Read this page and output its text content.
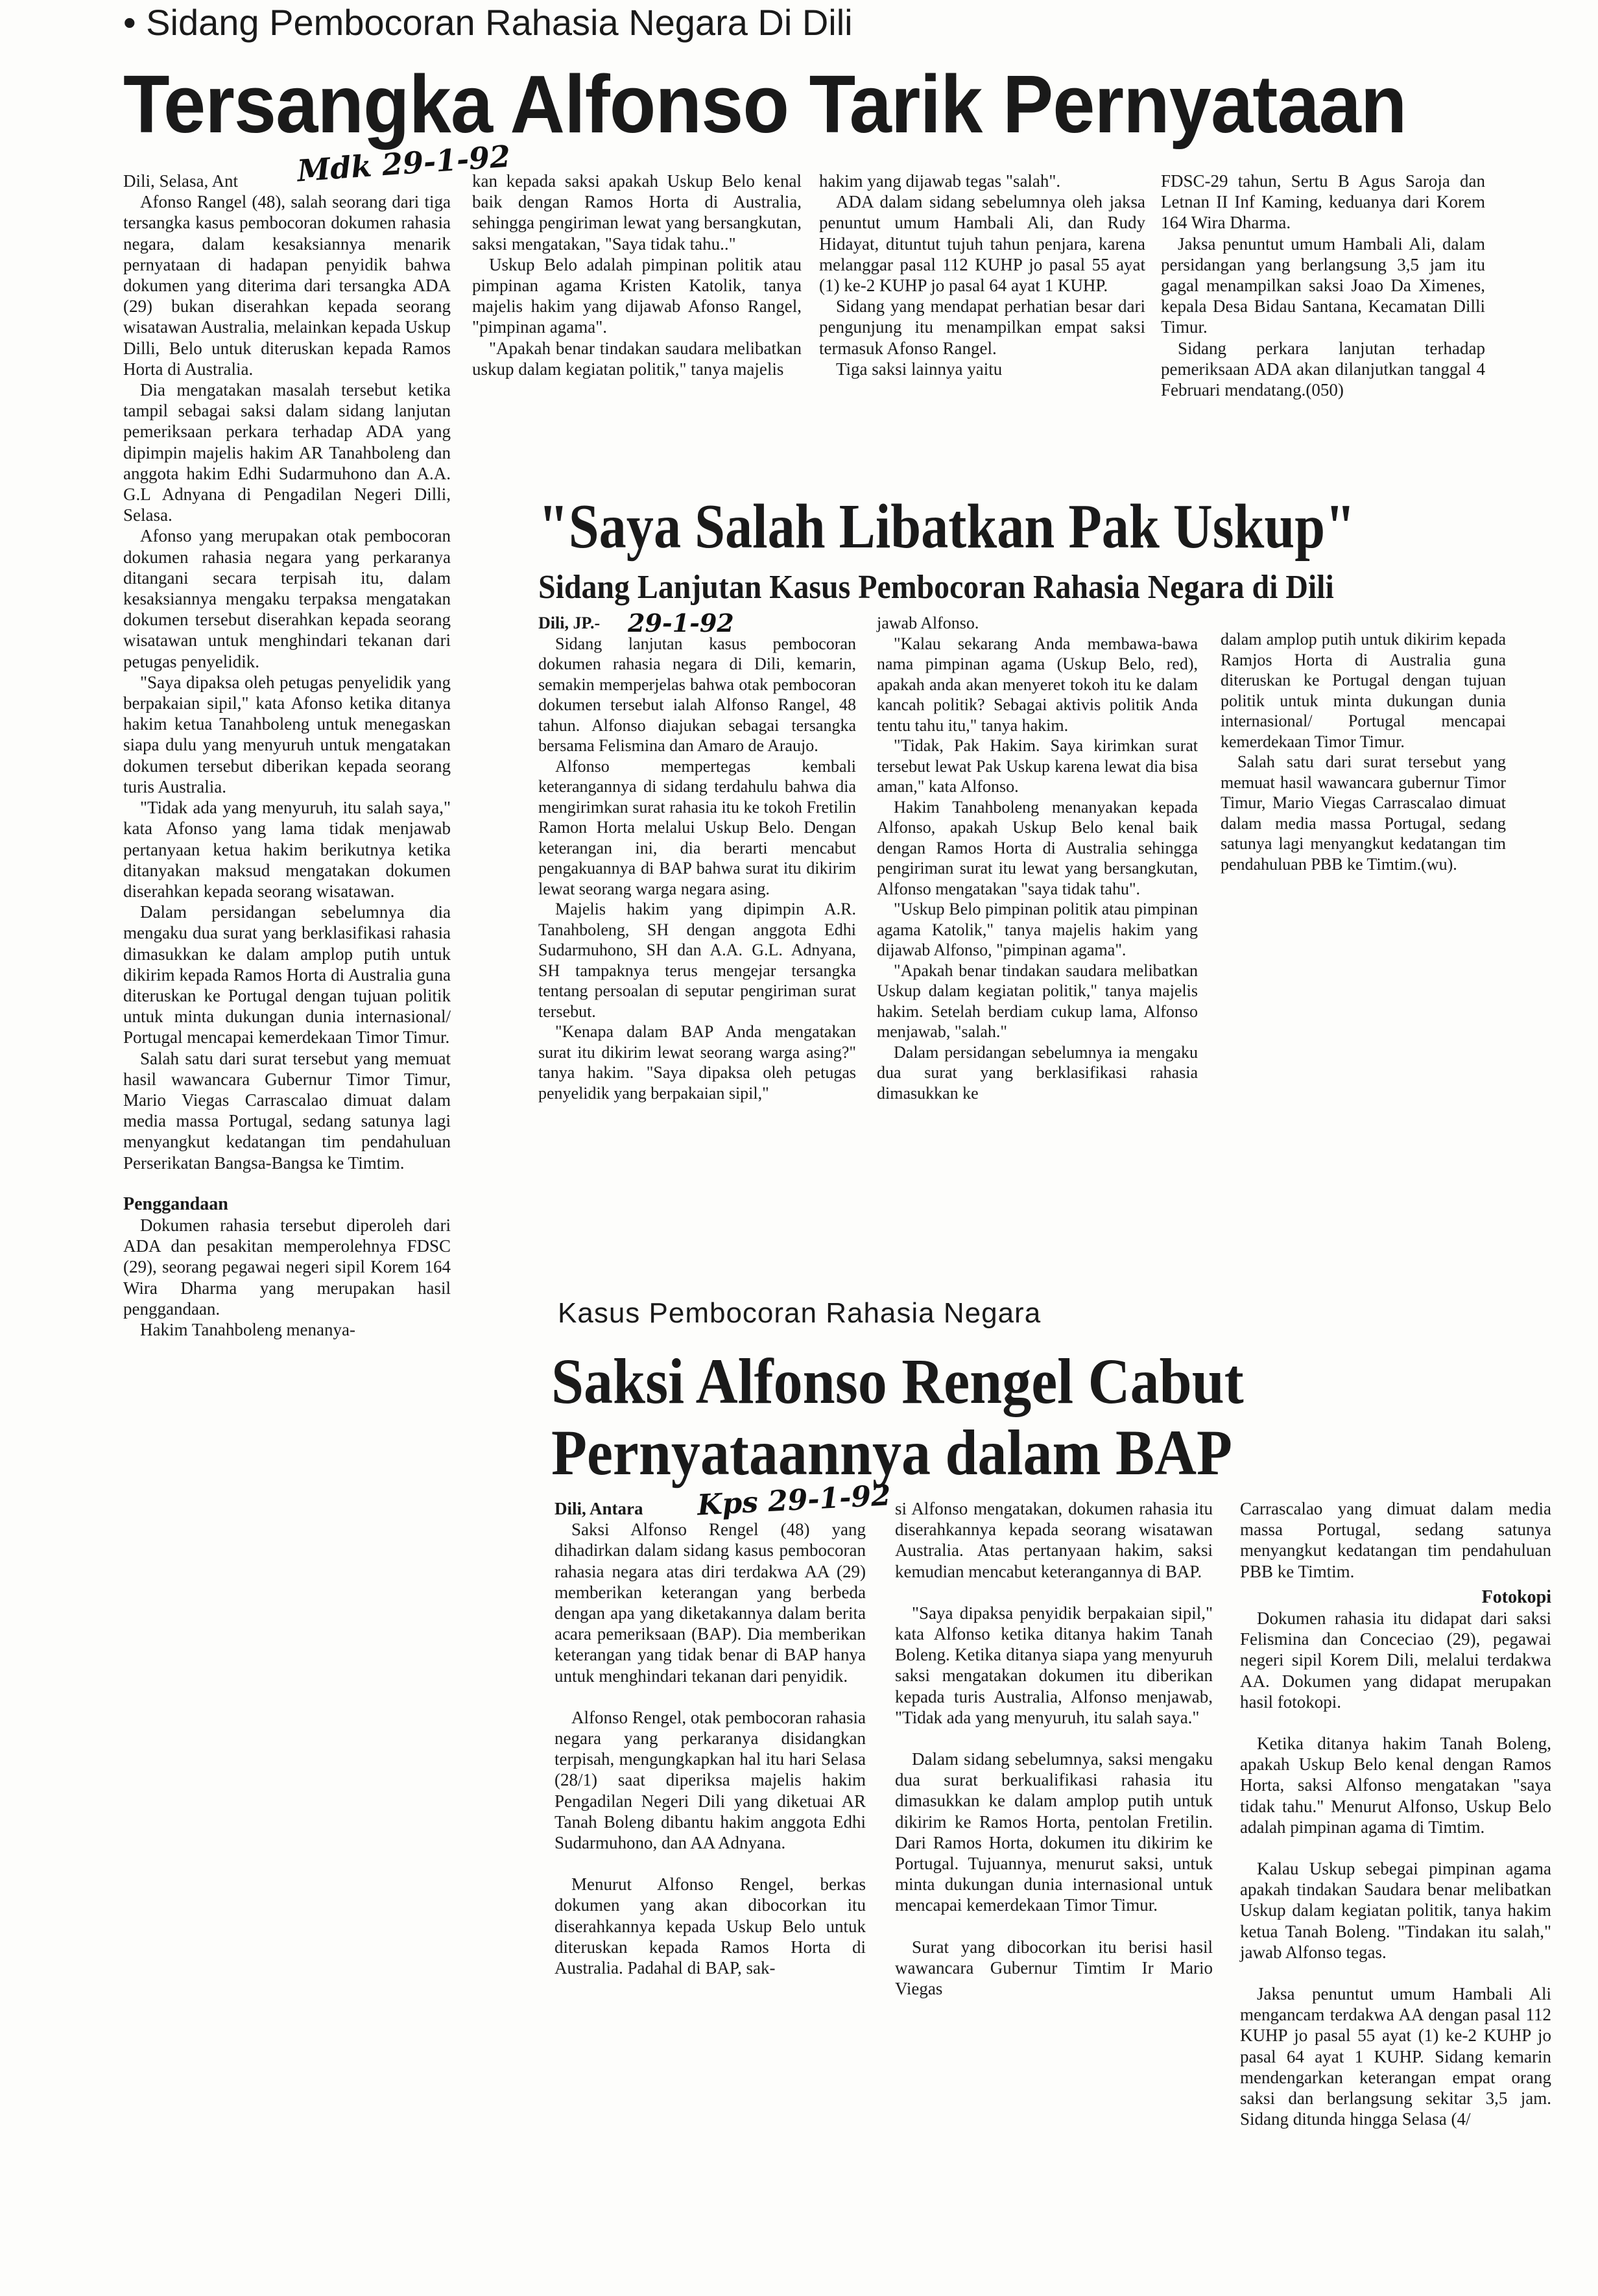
• Sidang Pembocoran Rahasia Negara Di Dili
Tersangka Alfonso Tarik Pernyataan
Mdk 29-1-92

Dili, Selasa, Ant

Afonso Rangel (48), salah seorang dari tiga tersangka kasus pembocoran dokumen rahasia negara, dalam kesaksiannya menarik pernyataan di hadapan penyidik bahwa dokumen yang diterima dari tersangka ADA (29) bukan diserahkan kepada seorang wisatawan Australia, melainkan kepada Uskup Dilli, Belo untuk diteruskan kepada Ramos Horta di Australia.

Dia mengatakan masalah tersebut ketika tampil sebagai saksi dalam sidang lanjutan pemeriksaan perkara terhadap ADA yang dipimpin majelis hakim AR Tanahboleng dan anggota hakim Edhi Sudarmuhono dan A.A. G.L Adnyana di Pengadilan Negeri Dilli, Selasa.

Afonso yang merupakan otak pembocoran dokumen rahasia negara yang perkaranya ditangani secara terpisah itu, dalam kesaksiannya mengaku terpaksa mengatakan dokumen tersebut diserahkan kepada seorang wisatawan untuk menghindari tekanan dari petugas penyelidik.

"Saya dipaksa oleh petugas penyelidik yang berpakaian sipil," kata Afonso ketika ditanya hakim ketua Tanahboleng untuk menegaskan siapa dulu yang menyuruh untuk mengatakan dokumen tersebut diberikan kepada seorang turis Australia.

"Tidak ada yang menyuruh, itu salah saya," kata Afonso yang lama tidak menjawab pertanyaan ketua hakim berikutnya ketika ditanyakan maksud mengatakan dokumen diserahkan kepada seorang wisatawan.

Dalam persidangan sebelumnya dia mengaku dua surat yang berklasifikasi rahasia dimasukkan ke dalam amplop putih untuk dikirim kepada Ramos Horta di Australia guna diteruskan ke Portugal dengan tujuan politik untuk minta dukungan dunia internasional/ Portugal mencapai kemerdekaan Timor Timur.

Salah satu dari surat tersebut yang memuat hasil wawancara Gubernur Timor Timur, Mario Viegas Carrascalao dimuat dalam media massa Portugal, sedang satunya lagi menyangkut kedatangan tim pendahuluan Perserikatan Bangsa-Bangsa ke Timtim.

Penggandaan

Dokumen rahasia tersebut diperoleh dari ADA dan pesakitan memperolehnya FDSC (29), seorang pegawai negeri sipil Korem 164 Wira Dharma yang merupakan hasil penggandaan.

Hakim Tanahboleng menanya-

kan kepada saksi apakah Uskup Belo kenal baik dengan Ramos Horta di Australia, sehingga pengiriman lewat yang bersangkutan, saksi mengatakan, "Saya tidak tahu.."

Uskup Belo adalah pimpinan politik atau pimpinan agama Kristen Katolik, tanya majelis hakim yang dijawab Afonso Rangel, "pimpinan agama".

"Apakah benar tindakan saudara melibatkan uskup dalam kegiatan politik," tanya majelis

hakim yang dijawab tegas "salah".

ADA dalam sidang sebelumnya oleh jaksa penuntut umum Hambali Ali, dan Rudy Hidayat, dituntut tujuh tahun penjara, karena melanggar pasal 112 KUHP jo pasal 55 ayat (1) ke-2 KUHP jo pasal 64 ayat 1 KUHP.

Sidang yang mendapat perhatian besar dari pengunjung itu menampilkan empat saksi termasuk Afonso Rangel.

Tiga saksi lainnya yaitu

FDSC-29 tahun, Sertu B Agus Saroja dan Letnan II Inf Kaming, keduanya dari Korem 164 Wira Dharma.

Jaksa penuntut umum Hambali Ali, dalam persidangan yang berlangsung 3,5 jam itu gagal menampilkan saksi Joao Da Ximenes, kepala Desa Bidau Santana, Kecamatan Dilli Timur.

Sidang perkara lanjutan terhadap pemeriksaan ADA akan dilanjutkan tanggal 4 Februari mendatang.(050)

"Saya Salah Libatkan Pak Uskup"
Sidang Lanjutan Kasus Pembocoran Rahasia Negara di Dili

Dili, JP.-

Sidang lanjutan kasus pembocoran dokumen rahasia negara di Dili, kemarin, semakin memperjelas bahwa otak pembocoran dokumen tersebut ialah Alfonso Rangel, 48 tahun. Alfonso diajukan sebagai tersangka bersama Felismina dan Amaro de Araujo.

Alfonso mempertegas kembali keterangannya di sidang terdahulu bahwa dia mengirimkan surat rahasia itu ke tokoh Fretilin Ramon Horta melalui Uskup Belo. Dengan keterangan ini, dia berarti mencabut pengakuannya di BAP bahwa surat itu dikirim lewat seorang warga negara asing.

Majelis hakim yang dipimpin A.R. Tanahboleng, SH dengan anggota Edhi Sudarmuhono, SH dan A.A. G.L. Adnyana, SH tampaknya terus mengejar tersangka tentang persoalan di seputar pengiriman surat tersebut.

"Kenapa dalam BAP Anda mengatakan surat itu dikirim lewat seorang warga asing?" tanya hakim. "Saya dipaksa oleh petugas penyelidik yang berpakaian sipil,"

29-1-92	jawab Alfonso.

"Kalau sekarang Anda membawa-bawa nama pimpinan agama (Uskup Belo, red), apakah anda akan menyeret tokoh itu ke dalam kancah politik? Sebagai aktivis politik Anda tentu tahu itu," tanya hakim.

"Tidak, Pak Hakim. Saya kirimkan surat tersebut lewat Pak Uskup karena lewat dia bisa aman," kata Alfonso.

Hakim Tanahboleng menanyakan kepada Alfonso, apakah Uskup Belo kenal baik dengan Ramos Horta di Australia sehingga pengiriman surat itu lewat yang bersangkutan, Alfonso mengatakan "saya tidak tahu".

"Uskup Belo pimpinan politik atau pimpinan agama Katolik," tanya majelis hakim yang dijawab Alfonso, "pimpinan agama".

"Apakah benar tindakan saudara melibatkan Uskup dalam kegiatan politik," tanya majelis hakim. Setelah berdiam cukup lama, Alfonso menjawab, "salah."

Dalam persidangan sebelumnya ia mengaku dua surat yang berklasifikasi rahasia dimasukkan ke

dalam amplop putih untuk dikirim kepada Ramjos Horta di Australia guna diteruskan ke Portugal dengan tujuan politik untuk minta dukungan dunia internasional/ Portugal mencapai kemerdekaan Timor Timur.

Salah satu dari surat tersebut yang memuat hasil wawancara gubernur Timor Timur, Mario Viegas Carrascalao dimuat dalam media massa Portugal, sedang satunya lagi menyangkut kedatangan tim pendahuluan PBB ke Timtim.(wu).

Kasus Pembocoran Rahasia Negara
Saksi Alfonso Rengel Cabut
Pernyataannya dalam BAP

Dili, Antara

Saksi Alfonso Rengel (48) yang dihadirkan dalam sidang kasus pembocoran rahasia negara atas diri terdakwa AA (29) memberikan keterangan yang berbeda dengan apa yang diketakannya dalam berita acara pemeriksaan (BAP). Dia memberikan keterangan yang tidak benar di BAP hanya untuk menghindari tekanan dari penyidik.

Alfonso Rengel, otak pembocoran rahasia negara yang perkaranya disidangkan terpisah, mengungkapkan hal itu hari Selasa (28/1) saat diperiksa majelis hakim Pengadilan Negeri Dili yang diketuai AR Tanah Boleng dibantu hakim anggota Edhi Sudarmuhono, dan AA Adnyana.

Menurut Alfonso Rengel, berkas dokumen yang akan dibocorkan itu diserahkannya kepada Uskup Belo untuk diteruskan kepada Ramos Horta di Australia. Padahal di BAP, sak-

Kps 29-1-92 si Alfonso mengatakan, dokumen rahasia itu diserahkannya kepada seorang wisatawan Australia. Atas pertanyaan hakim, saksi kemudian mencabut keterangannya di BAP.

"Saya dipaksa penyidik berpakaian sipil," kata Alfonso ketika ditanya hakim Tanah Boleng. Ketika ditanya siapa yang menyuruh saksi mengatakan dokumen itu diberikan kepada turis Australia, Alfonso menjawab, "Tidak ada yang menyuruh, itu salah saya."

Dalam sidang sebelumnya, saksi mengaku dua surat berkualifikasi rahasia itu dimasukkan ke dalam amplop putih untuk dikirim ke Ramos Horta, pentolan Fretilin. Dari Ramos Horta, dokumen itu dikirim ke Portugal. Tujuannya, menurut saksi, untuk minta dukungan dunia internasional untuk mencapai kemerdekaan Timor Timur.

Surat yang dibocorkan itu berisi hasil wawancara Gubernur Timtim Ir Mario Viegas

Carrascalao yang dimuat dalam media massa Portugal, sedang satunya menyangkut kedatangan tim pendahuluan PBB ke Timtim.

Fotokopi

Dokumen rahasia itu didapat dari saksi Felismina dan Conceciao (29), pegawai negeri sipil Korem Dili, melalui terdakwa AA. Dokumen yang didapat merupakan hasil fotokopi.

Ketika ditanya hakim Tanah Boleng, apakah Uskup Belo kenal dengan Ramos Horta, saksi Alfonso mengatakan "saya tidak tahu." Menurut Alfonso, Uskup Belo adalah pimpinan agama di Timtim.

Kalau Uskup sebegai pimpinan agama apakah tindakan Saudara benar melibatkan Uskup dalam kegiatan politik, tanya hakim ketua Tanah Boleng. "Tindakan itu salah," jawab Alfonso tegas.

Jaksa penuntut umum Hambali Ali mengancam terdakwa AA dengan pasal 112 KUHP jo pasal 55 ayat (1) ke-2 KUHP jo pasal 64 ayat 1 KUHP. Sidang kemarin mendengarkan keterangan empat orang saksi dan berlangsung sekitar 3,5 jam. Sidang ditunda hingga Selasa (4/
